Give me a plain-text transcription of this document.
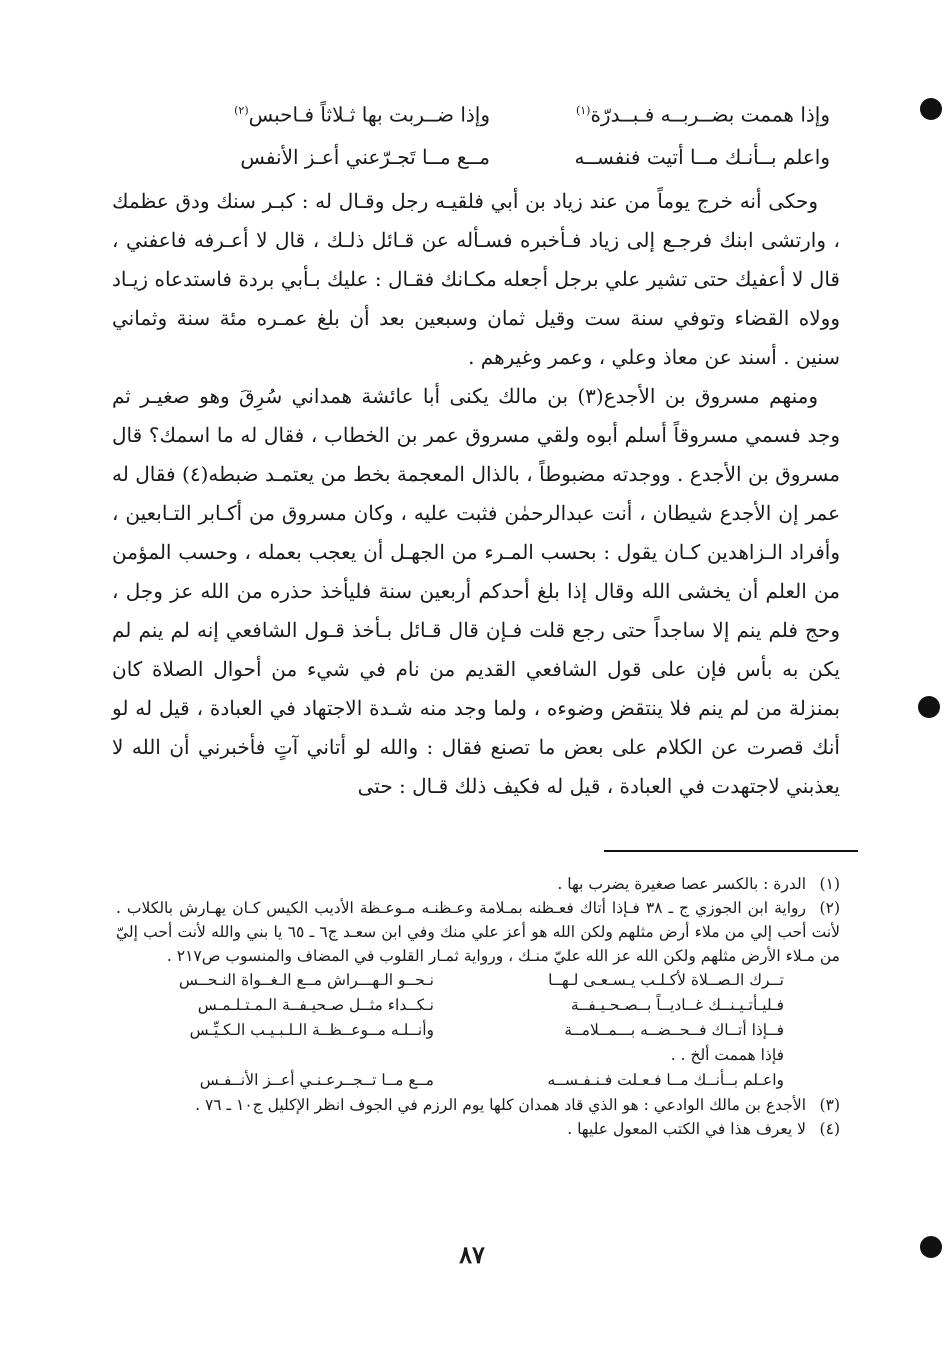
وإذا هممت بضــربــه فـبــدرّة$^{(١)}$
وإذا ضــربت بها ثـلاثاً فـاحبس$^{(٢)}$
واعلم بــأنـك مــا أتيت فنفســه
مــع مــا تَجـرّعني أعـز الأنفس

وحكى أنه خرج يوماً من عند زياد بن أبي فلقيـه رجل وقـال له : كبـر سنك ودق عظمك ، وارتشى ابنك فرجـع إلى زياد فـأخبره فسـأله عن قـائل ذلـك ، قال لا أعـرفه فاعفني ، قال لا أعفيك حتى تشير علي برجل أجعله مكـانك فقـال : عليك بـأبي بردة فاستدعاه زيـاد وولاه القضاء وتوفي سنة ست وقيل ثمان وسبعين بعد أن بلغ عمـره مئة سنة وثماني سنين . أسند عن معاذ وعلي ، وعمر وغيرهم .

ومنهم مسروق بن الأجدع(٣) بن مالك يكنى أبا عائشة همداني سُرِقَ وهو صغيـر ثم وجد فسمي مسروقاً أسلم أبوه ولقي مسروق عمر بن الخطاب ، فقال له ما اسمك؟ قال مسروق بن الأجدع . ووجدته مضبوطاً ، بالذال المعجمة بخط من يعتمـد ضبطه(٤) فقال له عمر إن الأجدع شيطان ، أنت عبدالرحمٰن فثبت عليه ، وكان مسروق من أكـابر التـابعين ، وأفراد الـزاهدين كـان يقول : بحسب المـرء من الجهـل أن يعجب بعمله ، وحسب المؤمن من العلم أن يخشى الله وقال إذا بلغ أحدكم أربعين سنة فليأخذ حذره من الله عز وجل ، وحج فلم ينم إلا ساجداً حتى رجع قلت فـإن قال قـائل بـأخذ قـول الشافعي إنه لم ينم لم يكن به بأس فإن على قول الشافعي القديم من نام في شيء من أحوال الصلاة كان بمنزلة من لم ينم فلا ينتقض وضوءه ، ولما وجد منه شـدة الاجتهاد في العبادة ، قيل له لو أنك قصرت عن الكلام على بعض ما تصنع فقال : والله لو أتاني آتٍ فأخبرني أن الله لا يعذبني لاجتهدت في العبادة ، قيل له فكيف ذلك قـال : حتى

(١)الدرة : بالكسر عصا صغيرة يضرب بها .

(٢)رواية ابن الجوزي ج ـ ٣٨ فـإذا أتاك فعـظنه بمـلامة وعـظنـه مـوعـظة الأديب الكيس كـان يهـارش بالكلاب . لأنت أحب إلي من ملاء أرض مثلهم ولكن الله هو أعز علي منك وفي ابن سعـد ج٦ ـ ٦٥ يا بني والله لأنت أحب إليّ من مـلاء الأرض مثلهم ولكن الله عز الله عليّ منـك ، ورواية ثمـار القلوب في المضاف والمنسوب ص٢١٧ .

تــرك الـصــلاة لأكـلـب يـسـعـى لـهــا
نـحــو الـهـــراش مــع الـغــواة النـحــس
فـليـأتـيـنــك غــاديــاً بــصـحـيـفــة
نـكــداء مثــل صـحيـفــة الـمـتـلـمـس
فــإذا أتــاك فــحــضــه بـــمــلامــة
وأنــلـه مــوعــظــة الـلـبـيـب الـكـيِّـس
فإذا هممت ألخ . .
واعـلم بــأنــك مــا فـعـلت فـنـفـســه
مــع مــا تــجــرعـنـي أعــز الأنــفـس

(٣)الأجدع بن مالك الوادعي : هو الذي قاد همدان كلها يوم الرزم في الجوف انظر الإكليل ج١٠ ـ ٧٦ .

(٤)لا يعرف هذا في الكتب المعول عليها .

٨٧
